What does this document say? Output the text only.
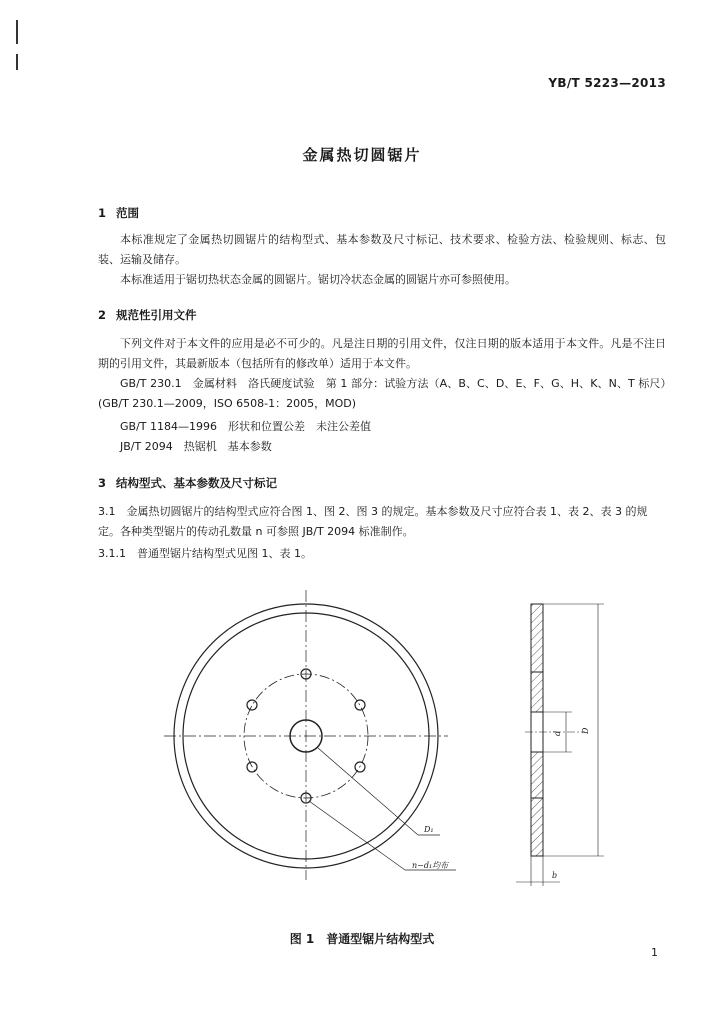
YB/T 5223—2013
金属热切圆锯片
1 范围
本标准规定了金属热切圆锯片的结构型式、基本参数及尺寸标记、技术要求、检验方法、检验规则、标志、包装、运输及储存。
本标准适用于锯切热状态金属的圆锯片。锯切冷状态金属的圆锯片亦可参照使用。
2 规范性引用文件
下列文件对于本文件的应用是必不可少的。凡是注日期的引用文件，仅注日期的版本适用于本文件。凡是不注日期的引用文件，其最新版本（包括所有的修改单）适用于本文件。
GB/T 230.1　金属材料　洛氏硬度试验　第 1 部分：试验方法（A、B、C、D、E、F、G、H、K、N、T 标尺）(GB/T 230.1—2009，ISO 6508-1：2005，MOD)
GB/T 1184—1996　形状和位置公差　未注公差值
JB/T 2094　热锯机　基本参数
3 结构型式、基本参数及尺寸标记
3.1　金属热切圆锯片的结构型式应符合图 1、图 2、图 3 的规定。基本参数及尺寸应符合表 1、表 2、表 3 的规定。各种类型锯片的传动孔数量 n 可参照 JB/T 2094 标准制作。
3.1.1　普通型锯片结构型式见图 1、表 1。
D₁
n−d₁均布
D
d
b
图 1　普通型锯片结构型式
1
